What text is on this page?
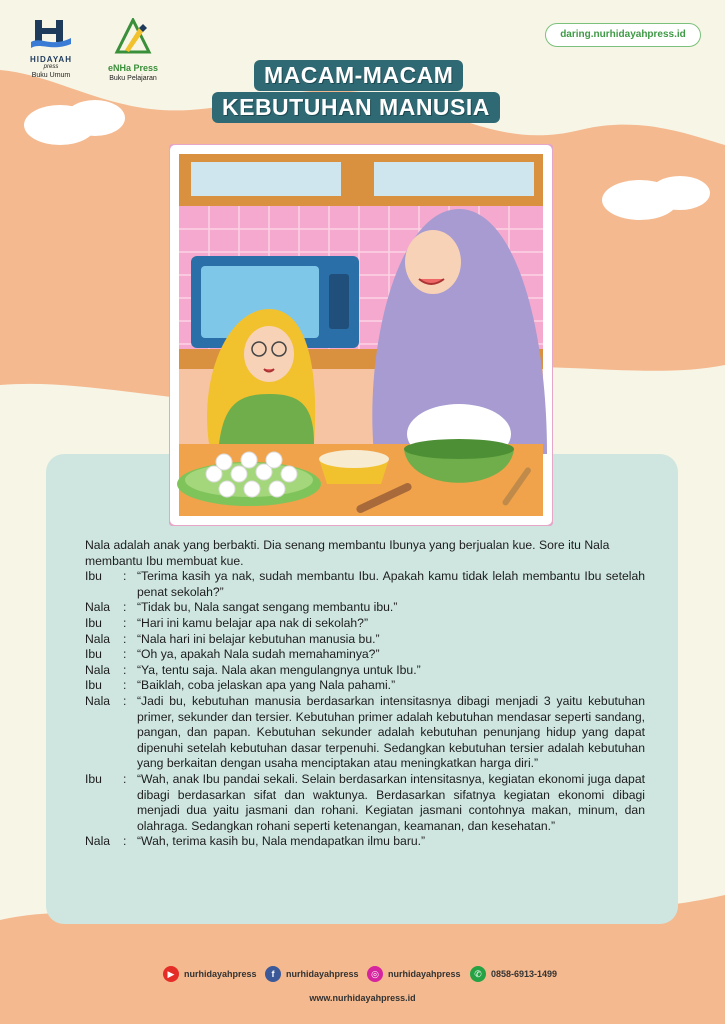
HIDAYAH
press
Buku Umum
eNHa Press
Buku Pelajaran
daring.nurhidayahpress.id
MACAM-MACAM
KEBUTUHAN MANUSIA

Nala adalah anak yang berbakti. Dia senang membantu Ibunya yang berjualan kue. Sore itu Nala membantu Ibu membuat kue.

Ibu	: “Terima kasih ya nak, sudah membantu Ibu. Apakah kamu tidak lelah membantu Ibu setelah penat sekolah?”
Nala	: “Tidak bu, Nala sangat sengang membantu ibu.”
Ibu	: “Hari ini kamu belajar apa nak di sekolah?”
Nala	: “Nala hari ini belajar kebutuhan manusia bu.”
Ibu	: “Oh ya, apakah Nala sudah memahaminya?”
Nala	: “Ya, tentu saja. Nala akan mengulangnya untuk Ibu.”
Ibu	: “Baiklah, coba jelaskan apa yang Nala pahami.”
Nala	: “Jadi bu, kebutuhan manusia berdasarkan intensitasnya dibagi menjadi 3 yaitu kebutuhan primer, sekunder dan tersier. Kebutuhan primer adalah kebutuhan mendasar seperti sandang, pangan, dan papan. Kebutuhan sekunder adalah kebutuhan penunjang hidup yang dapat dipenuhi setelah kebutuhan dasar terpenuhi. Sedangkan kebutuhan tersier adalah kebutuhan yang berkaitan dengan usaha menciptakan atau meningkatkan harga diri.”
Ibu	: “Wah, anak Ibu pandai sekali. Selain berdasarkan intensitasnya, kegiatan ekonomi juga dapat dibagi berdasarkan sifat dan waktunya. Berdasarkan sifatnya kegiatan ekonomi dibagi menjadi dua yaitu jasmani dan rohani. Kegiatan jasmani contohnya makan, minum, dan olahraga. Sedangkan rohani seperti ketenangan, keamanan, dan kesehatan.”
Nala	: “Wah, terima kasih bu, Nala mendapatkan ilmu baru.”
▶	nurhidayahpress	f	nurhidayahpress	◎	nurhidayahpress	✆	0858-6913-1499
www.nurhidayahpress.id
